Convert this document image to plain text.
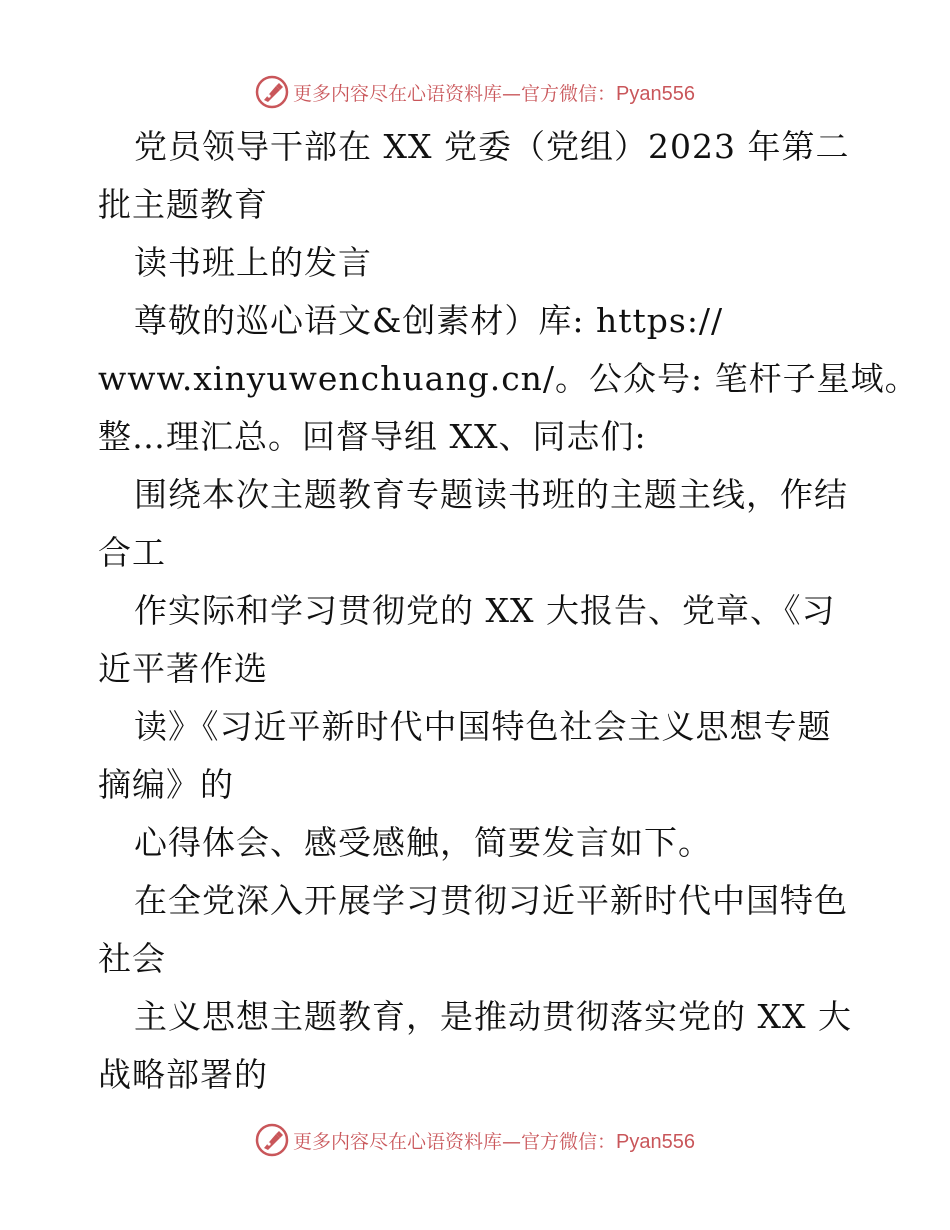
更多内容尽在心语资料库—官方微信：Pyan556
党员领导干部在 XX 党委（党组）2023 年第二
批主题教育
读书班上的发言
尊敬的巡心语文&创素材）库: https://
www.xinyuwenchuang.cn/。公众号: 笔杆子星域。
整…理汇总。回督导组 XX、同志们:
围绕本次主题教育专题读书班的主题主线，作结
合工
作实际和学习贯彻党的 XX 大报告、党章、《习
近平著作选
读》《习近平新时代中国特色社会主义思想专题
摘编》的
心得体会、感受感触，简要发言如下。
在全党深入开展学习贯彻习近平新时代中国特色
社会
主义思想主题教育，是推动贯彻落实党的 XX 大
战略部署的
更多内容尽在心语资料库—官方微信：Pyan556
